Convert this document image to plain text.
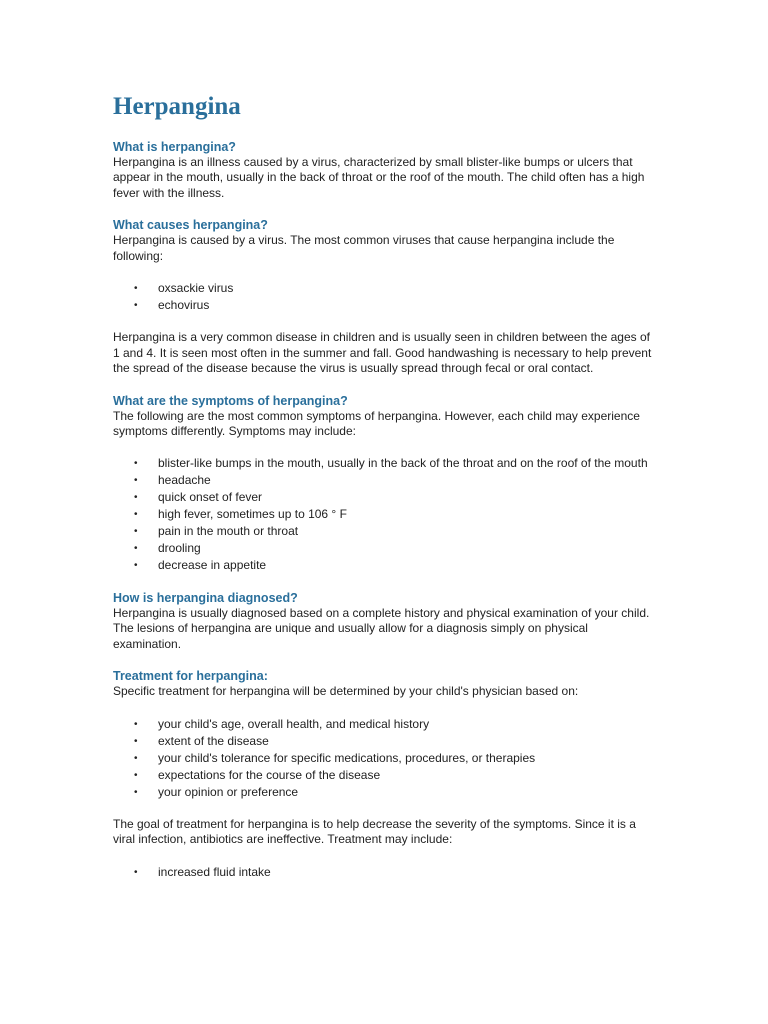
Herpangina
What is herpangina?

Herpangina is an illness caused by a virus, characterized by small blister-like bumps or ulcers that appear in the mouth, usually in the back of throat or the roof of the mouth. The child often has a high fever with the illness.

What causes herpangina?

Herpangina is caused by a virus. The most common viruses that cause herpangina include the following:

• oxsackie virus
• echovirus

Herpangina is a very common disease in children and is usually seen in children between the ages of 1 and 4. It is seen most often in the summer and fall. Good handwashing is necessary to help prevent the spread of the disease because the virus is usually spread through fecal or oral contact.

What are the symptoms of herpangina?

The following are the most common symptoms of herpangina. However, each child may experience symptoms differently. Symptoms may include:

• blister-like bumps in the mouth, usually in the back of the throat and on the roof of the mouth
• headache
• quick onset of fever
• high fever, sometimes up to 106 ° F
• pain in the mouth or throat
• drooling
• decrease in appetite
How is herpangina diagnosed?

Herpangina is usually diagnosed based on a complete history and physical examination of your child. The lesions of herpangina are unique and usually allow for a diagnosis simply on physical examination.

Treatment for herpangina:

Specific treatment for herpangina will be determined by your child's physician based on:

• your child's age, overall health, and medical history
• extent of the disease
• your child's tolerance for specific medications, procedures, or therapies
• expectations for the course of the disease
• your opinion or preference

The goal of treatment for herpangina is to help decrease the severity of the symptoms. Since it is a viral infection, antibiotics are ineffective. Treatment may include:

• increased fluid intake
